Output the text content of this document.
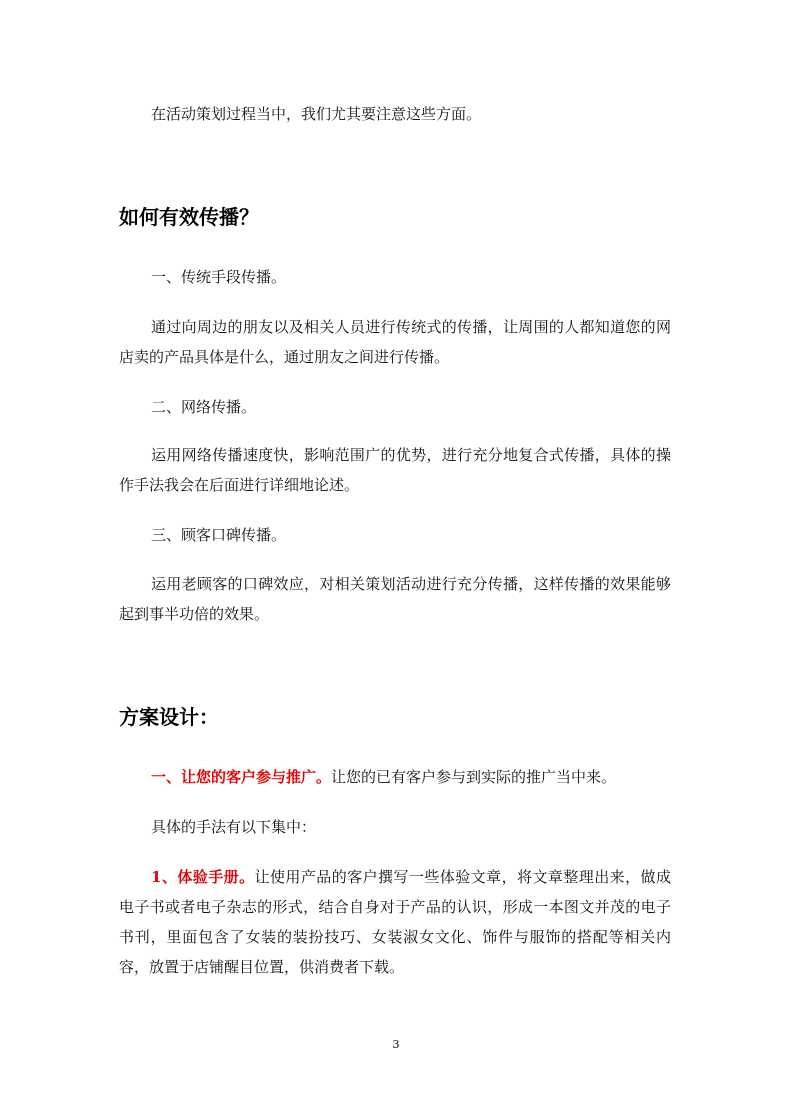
在活动策划过程当中，我们尤其要注意这些方面。

如何有效传播？

一、传统手段传播。

通过向周边的朋友以及相关人员进行传统式的传播，让周围的人都知道您的网店卖的产品具体是什么，通过朋友之间进行传播。

二、网络传播。

运用网络传播速度快，影响范围广的优势，进行充分地复合式传播，具体的操作手法我会在后面进行详细地论述。

三、顾客口碑传播。

运用老顾客的口碑效应，对相关策划活动进行充分传播，这样传播的效果能够起到事半功倍的效果。

方案设计：

一、让您的客户参与推广。让您的已有客户参与到实际的推广当中来。

具体的手法有以下集中：

1、体验手册。让使用产品的客户撰写一些体验文章，将文章整理出来，做成电子书或者电子杂志的形式，结合自身对于产品的认识，形成一本图文并茂的电子书刊，里面包含了女装的装扮技巧、女装淑女文化、饰件与服饰的搭配等相关内容，放置于店铺醒目位置，供消费者下载。

3
